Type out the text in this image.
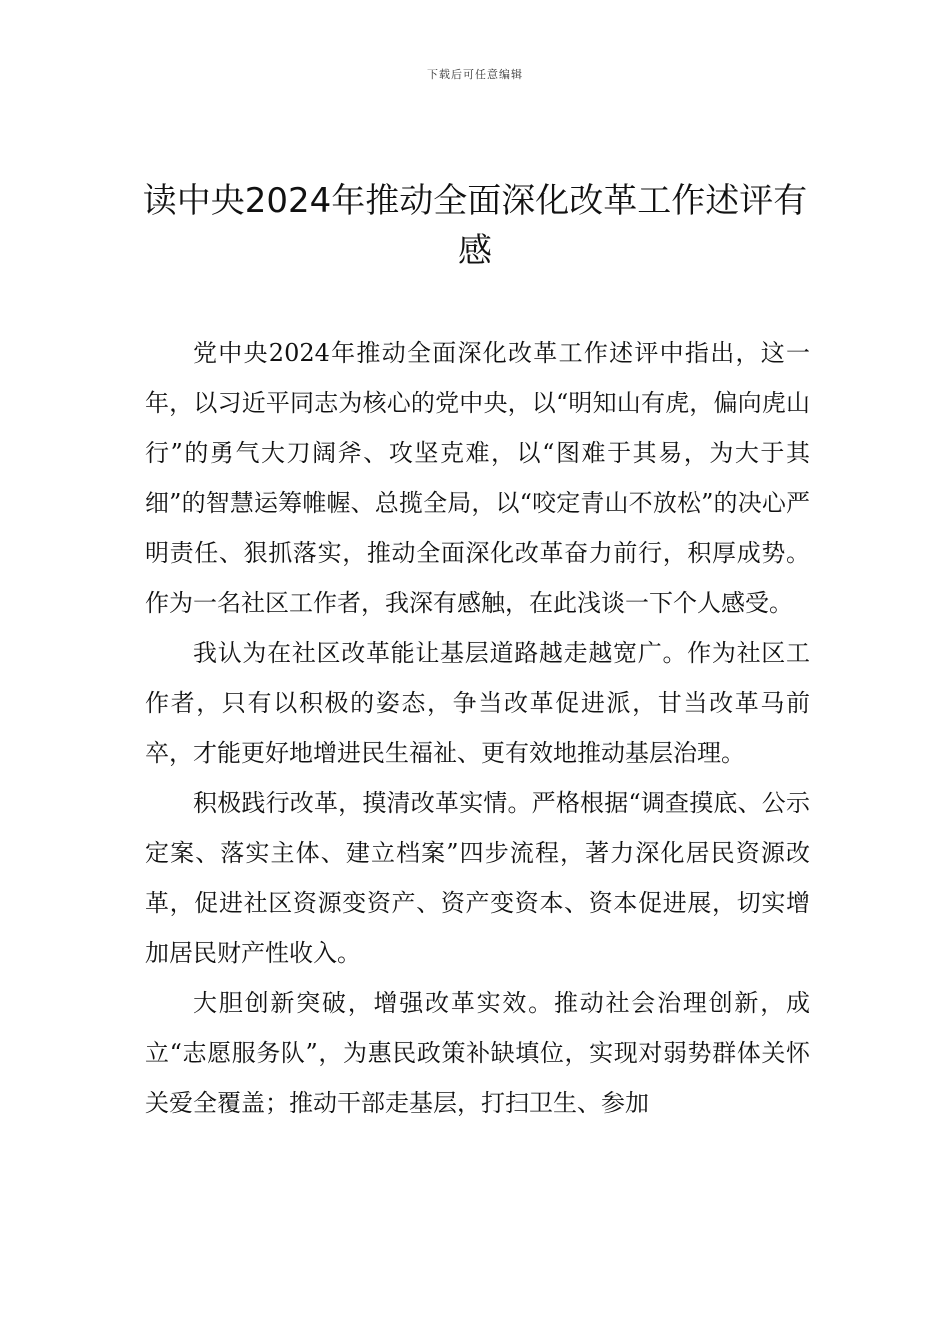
下载后可任意编辑
读中央2024年推动全面深化改革工作述评有感

党中央2024年推动全面深化改革工作述评中指出，这一年，以习近平同志为核心的党中央，以“明知山有虎，偏向虎山行”的勇气大刀阔斧、攻坚克难，以“图难于其易，为大于其细”的智慧运筹帷幄、总揽全局，以“咬定青山不放松”的决心严明责任、狠抓落实，推动全面深化改革奋力前行，积厚成势。作为一名社区工作者，我深有感触，在此浅谈一下个人感受。

我认为在社区改革能让基层道路越走越宽广。作为社区工作者，只有以积极的姿态，争当改革促进派，甘当改革马前卒，才能更好地增进民生福祉、更有效地推动基层治理。

积极践行改革，摸清改革实情。严格根据“调查摸底、公示定案、落实主体、建立档案”四步流程，著力深化居民资源改革，促进社区资源变资产、资产变资本、资本促进展，切实增加居民财产性收入。

大胆创新突破，增强改革实效。推动社会治理创新，成立“志愿服务队”，为惠民政策补缺填位，实现对弱势群体关怀关爱全覆盖；推动干部走基层，打扫卫生、参加
